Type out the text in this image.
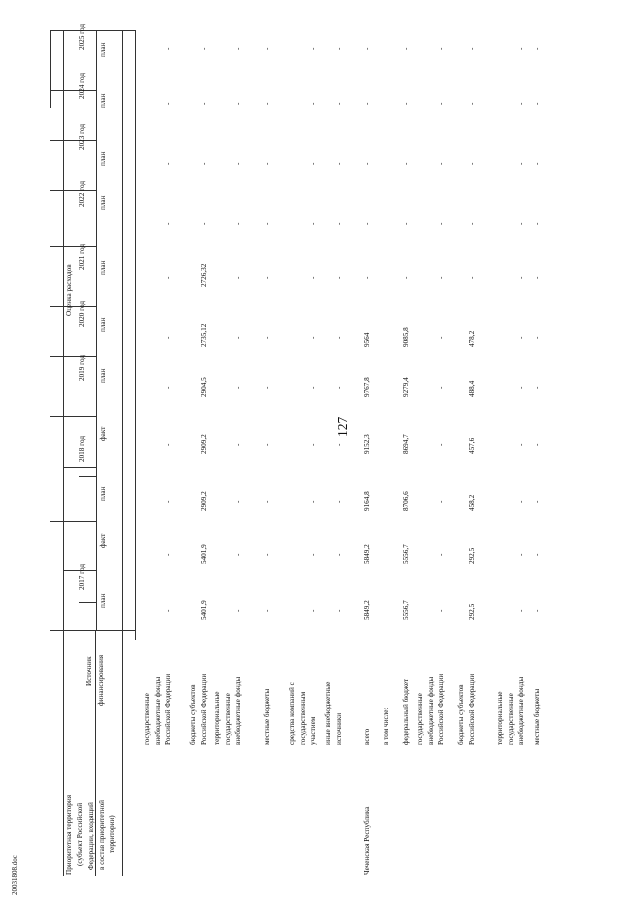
Приоритетная территория (субъект Российской Федерации, входящий в состав приоритетной территории)
Источник финансирования
Оценка расходов
2017 год
2018 год
2019 год
2020 год
2021 год
2022 год
2023 год
2024 год
2025 год
план
факт
план
факт
план
план
план
план
план
план
план
государственные внебюджетные фонды Российской Федерации
-
-
-
-
-
-
-
-
-
-
-
бюджеты субъектов Российской Федерации
5401,9
5401,9
2909,2
2909,2
2904,5
2735,12
2726,32
-
-
-
-
территориальные государственные внебюджетные фонды
-
-
-
-
-
-
-
-
-
-
-
местные бюджеты
-
-
-
-
-
-
-
-
-
-
-
средства компаний с государственным участием
-
-
-
-
-
-
-
-
-
-
-
иные внебюджетные источники
-
-
-
-
-
-
-
-
-
-
-
всего
Чеченская Республика
5849,2
5849,2
9164,8
9152,3
9767,8
9564
-
-
-
-
-
в том числе: федеральный бюджет
5556,7
5556,7
8706,6
8694,7
9279,4
9085,8
-
-
-
-
-
государственные внебюджетные фонды Российской Федерации
-
-
-
-
-
-
-
-
-
-
-
бюджеты субъектов Российской Федерации
292,5
292,5
458,2
457,6
488,4
478,2
-
-
-
-
-
территориальные государственные внебюджетные фонды
-
-
-
-
-
-
-
-
-
-
-
местные бюджеты
-
-
-
-
-
-
-
-
-
-
-
127
20031808.doc
